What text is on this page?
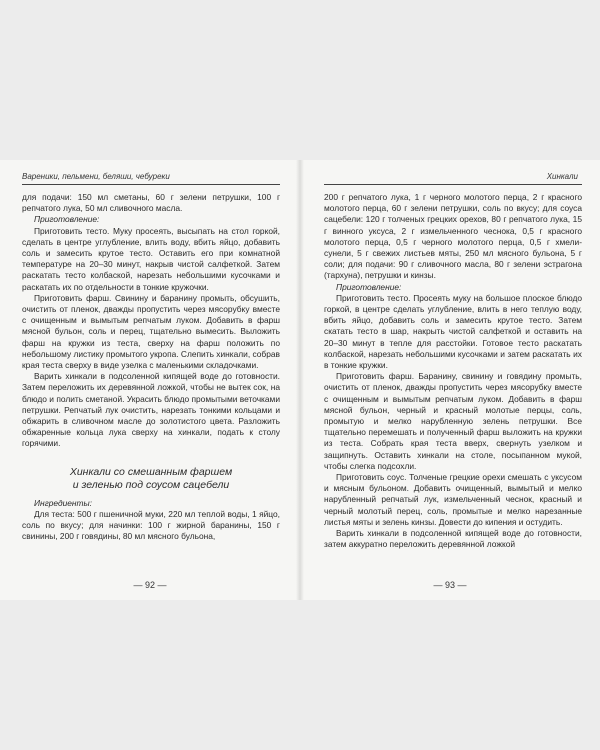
Вареники, пельмени, беляши, чебуреки

для подачи: 150 мл сметаны, 60 г зелени петрушки, 100 г репчатого лука, 50 мл сливочного масла.

Приготовление:

Приготовить тесто. Муку просеять, высыпать на стол горкой, сделать в центре углубление, влить воду, вбить яйцо, добавить соль и замесить крутое тесто. Оставить его при комнатной температуре на 20–30 минут, накрыв чистой салфеткой. Затем раскатать тесто колбаской, нарезать небольшими кусочками и раскатать их по отдельности в тонкие кружочки.

Приготовить фарш. Свинину и баранину промыть, обсушить, очистить от пленок, дважды пропустить через мясорубку вместе с очищенным и вымытым репчатым луком. Добавить в фарш мясной бульон, соль и перец, тщательно вымесить. Выложить фарш на кружки из теста, сверху на фарш положить по небольшому листику промытого укропа. Слепить хинкали, собрав края теста сверху в виде узелка с маленькими складочками.

Варить хинкали в подсоленной кипящей воде до готовности. Затем переложить их деревянной ложкой, чтобы не вытек сок, на блюдо и полить сметаной. Украсить блюдо промытыми веточками петрушки. Репчатый лук очистить, нарезать тонкими кольцами и обжарить в сливочном масле до золотистого цвета. Разложить обжаренные кольца лука сверху на хинкали, подать к столу горячими.

Хинкали со смешанным фаршем
и зеленью под соусом сацебели

Ингредиенты:

Для теста: 500 г пшеничной муки, 220 мл теплой воды, 1 яйцо, соль по вкусу; для начинки: 100 г жирной баранины, 150 г свинины, 200 г говядины, 80 мл мясного бульона,

— 92 —
Хинкали

200 г репчатого лука, 1 г черного молотого перца, 2 г красного молотого перца, 60 г зелени петрушки, соль по вкусу; для соуса сацебели: 120 г толченых грецких орехов, 80 г репчатого лука, 15 г винного уксуса, 2 г измельченного чеснока, 0,5 г красного молотого перца, 0,5 г черного молотого перца, 0,5 г хмели-сунели, 5 г свежих листьев мяты, 250 мл мясного бульона, 5 г соли; для подачи: 90 г сливочного масла, 80 г зелени эстрагона (тархуна), петрушки и кинзы.

Приготовление:

Приготовить тесто. Просеять муку на большое плоское блюдо горкой, в центре сделать углубление, влить в него теплую воду, вбить яйцо, добавить соль и замесить крутое тесто. Затем скатать тесто в шар, накрыть чистой салфеткой и оставить на 20–30 минут в тепле для расстойки. Готовое тесто раскатать колбаской, нарезать небольшими кусочками и затем раскатать их в тонкие кружки.

Приготовить фарш. Баранину, свинину и говядину промыть, очистить от пленок, дважды пропустить через мясорубку вместе с очищенным и вымытым репчатым луком. Добавить в фарш мясной бульон, черный и красный молотые перцы, соль, промытую и мелко нарубленную зелень петрушки. Все тщательно перемешать и полученный фарш выложить на кружки из теста. Собрать края теста вверх, свернуть узелком и защипнуть. Оставить хинкали на столе, посыпанном мукой, чтобы слегка подсохли.

Приготовить соус. Толченые грецкие орехи смешать с уксусом и мясным бульоном. Добавить очищенный, вымытый и мелко нарубленный репчатый лук, измельченный чеснок, красный и черный молотый перец, соль, промытые и мелко нарезанные листья мяты и зелень кинзы. Довести до кипения и остудить.

Варить хинкали в подсоленной кипящей воде до готовности, затем аккуратно переложить деревянной ложкой

— 93 —
